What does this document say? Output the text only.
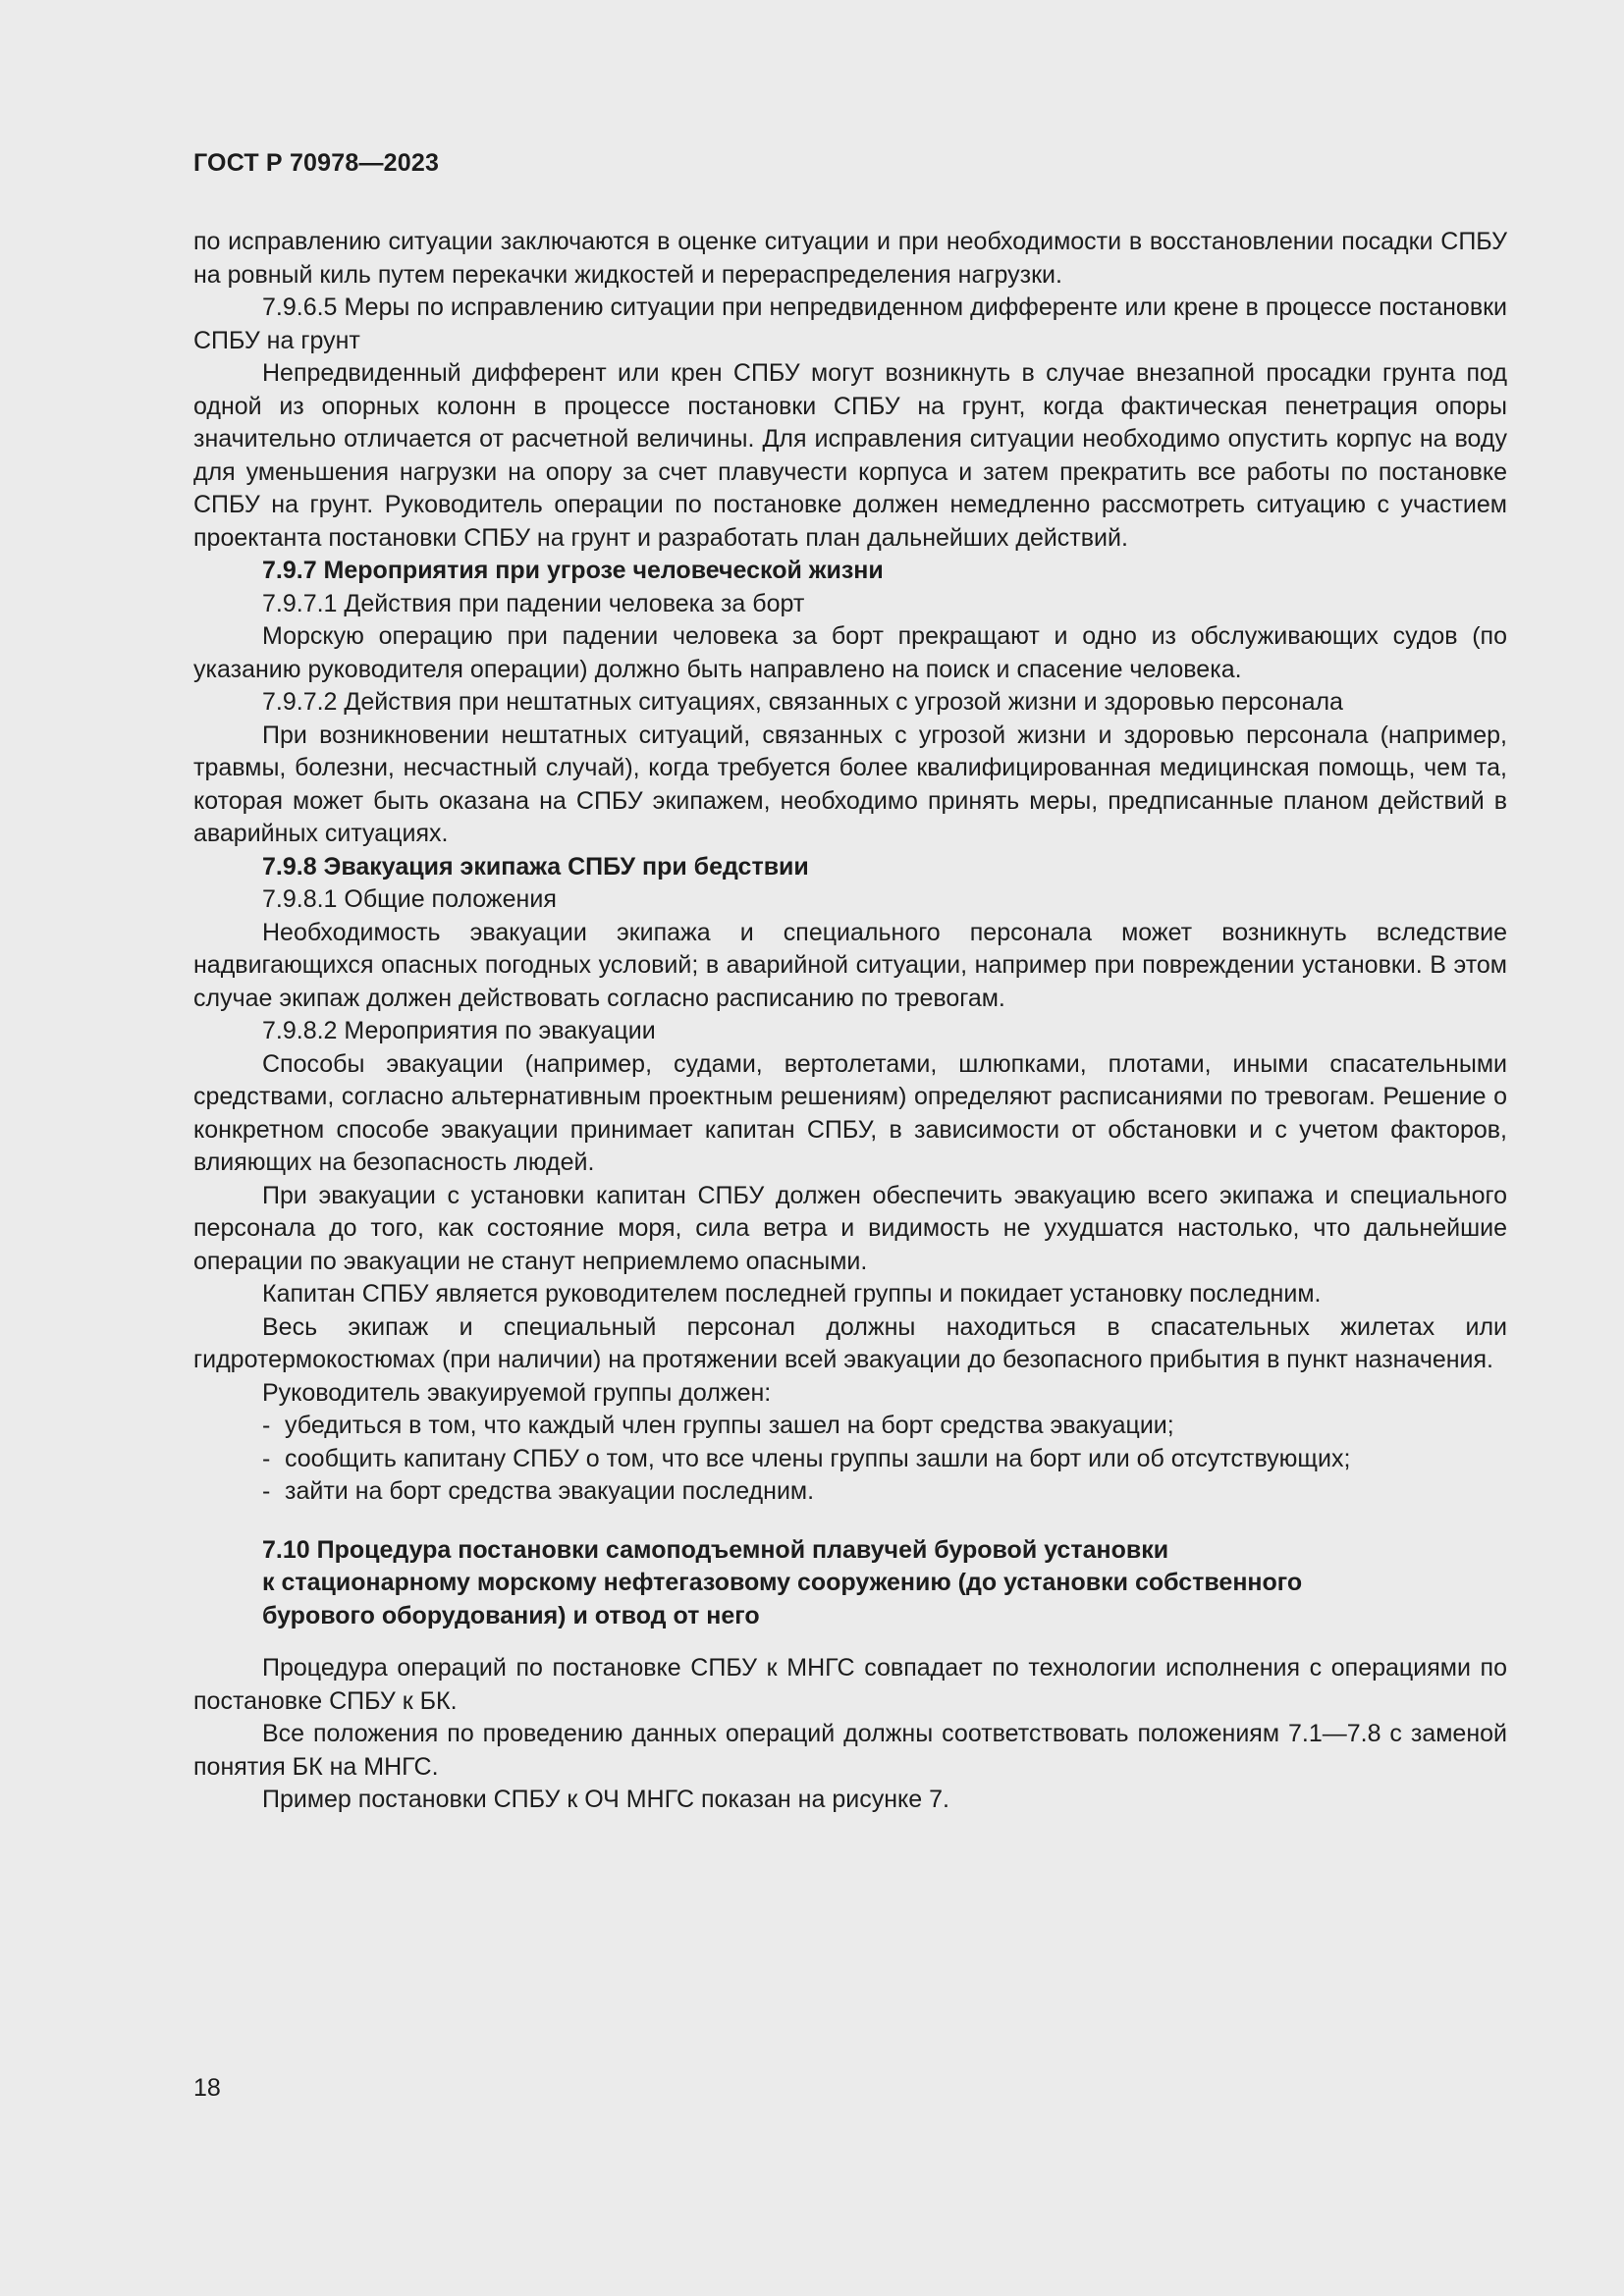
ГОСТ Р 70978—2023

по исправлению ситуации заключаются в оценке ситуации и при необходимости в восстановлении посадки СПБУ на ровный киль путем перекачки жидкостей и перераспределения нагрузки.

7.9.6.5 Меры по исправлению ситуации при непредвиденном дифференте или крене в процессе постановки СПБУ на грунт

Непредвиденный дифферент или крен СПБУ могут возникнуть в случае внезапной просадки грунта под одной из опорных колонн в процессе постановки СПБУ на грунт, когда фактическая пенетрация опоры значительно отличается от расчетной величины. Для исправления ситуации необходимо опустить корпус на воду для уменьшения нагрузки на опору за счет плавучести корпуса и затем прекратить все работы по постановке СПБУ на грунт. Руководитель операции по постановке должен немедленно рассмотреть ситуацию с участием проектанта постановки СПБУ на грунт и разработать план дальнейших действий.

7.9.7 Мероприятия при угрозе человеческой жизни

7.9.7.1 Действия при падении человека за борт

Морскую операцию при падении человека за борт прекращают и одно из обслуживающих судов (по указанию руководителя операции) должно быть направлено на поиск и спасение человека.

7.9.7.2 Действия при нештатных ситуациях, связанных с угрозой жизни и здоровью персонала

При возникновении нештатных ситуаций, связанных с угрозой жизни и здоровью персонала (например, травмы, болезни, несчастный случай), когда требуется более квалифицированная медицинская помощь, чем та, которая может быть оказана на СПБУ экипажем, необходимо принять меры, предписанные планом действий в аварийных ситуациях.

7.9.8 Эвакуация экипажа СПБУ при бедствии

7.9.8.1 Общие положения

Необходимость эвакуации экипажа и специального персонала может возникнуть вследствие надвигающихся опасных погодных условий; в аварийной ситуации, например при повреждении установки. В этом случае экипаж должен действовать согласно расписанию по тревогам.

7.9.8.2 Мероприятия по эвакуации

Способы эвакуации (например, судами, вертолетами, шлюпками, плотами, иными спасательными средствами, согласно альтернативным проектным решениям) определяют расписаниями по тревогам. Решение о конкретном способе эвакуации принимает капитан СПБУ, в зависимости от обстановки и с учетом факторов, влияющих на безопасность людей.

При эвакуации с установки капитан СПБУ должен обеспечить эвакуацию всего экипажа и специального персонала до того, как состояние моря, сила ветра и видимость не ухудшатся настолько, что дальнейшие операции по эвакуации не станут неприемлемо опасными.

Капитан СПБУ является руководителем последней группы и покидает установку последним.

Весь экипаж и специальный персонал должны находиться в спасательных жилетах или гидротермокостюмах (при наличии) на протяжении всей эвакуации до безопасного прибытия в пункт назначения.

Руководитель эвакуируемой группы должен:

- убедиться в том, что каждый член группы зашел на борт средства эвакуации;
- сообщить капитану СПБУ о том, что все члены группы зашли на борт или об отсутствующих;
- зайти на борт средства эвакуации последним.

7.10 Процедура постановки самоподъемной плавучей буровой установки
к стационарному морскому нефтегазовому сооружению (до установки собственного
бурового оборудования) и отвод от него

Процедура операций по постановке СПБУ к МНГС совпадает по технологии исполнения с операциями по постановке СПБУ к БК.

Все положения по проведению данных операций должны соответствовать положениям 7.1—7.8 с заменой понятия БК на МНГС.

Пример постановки СПБУ к ОЧ МНГС показан на рисунке 7.

18
